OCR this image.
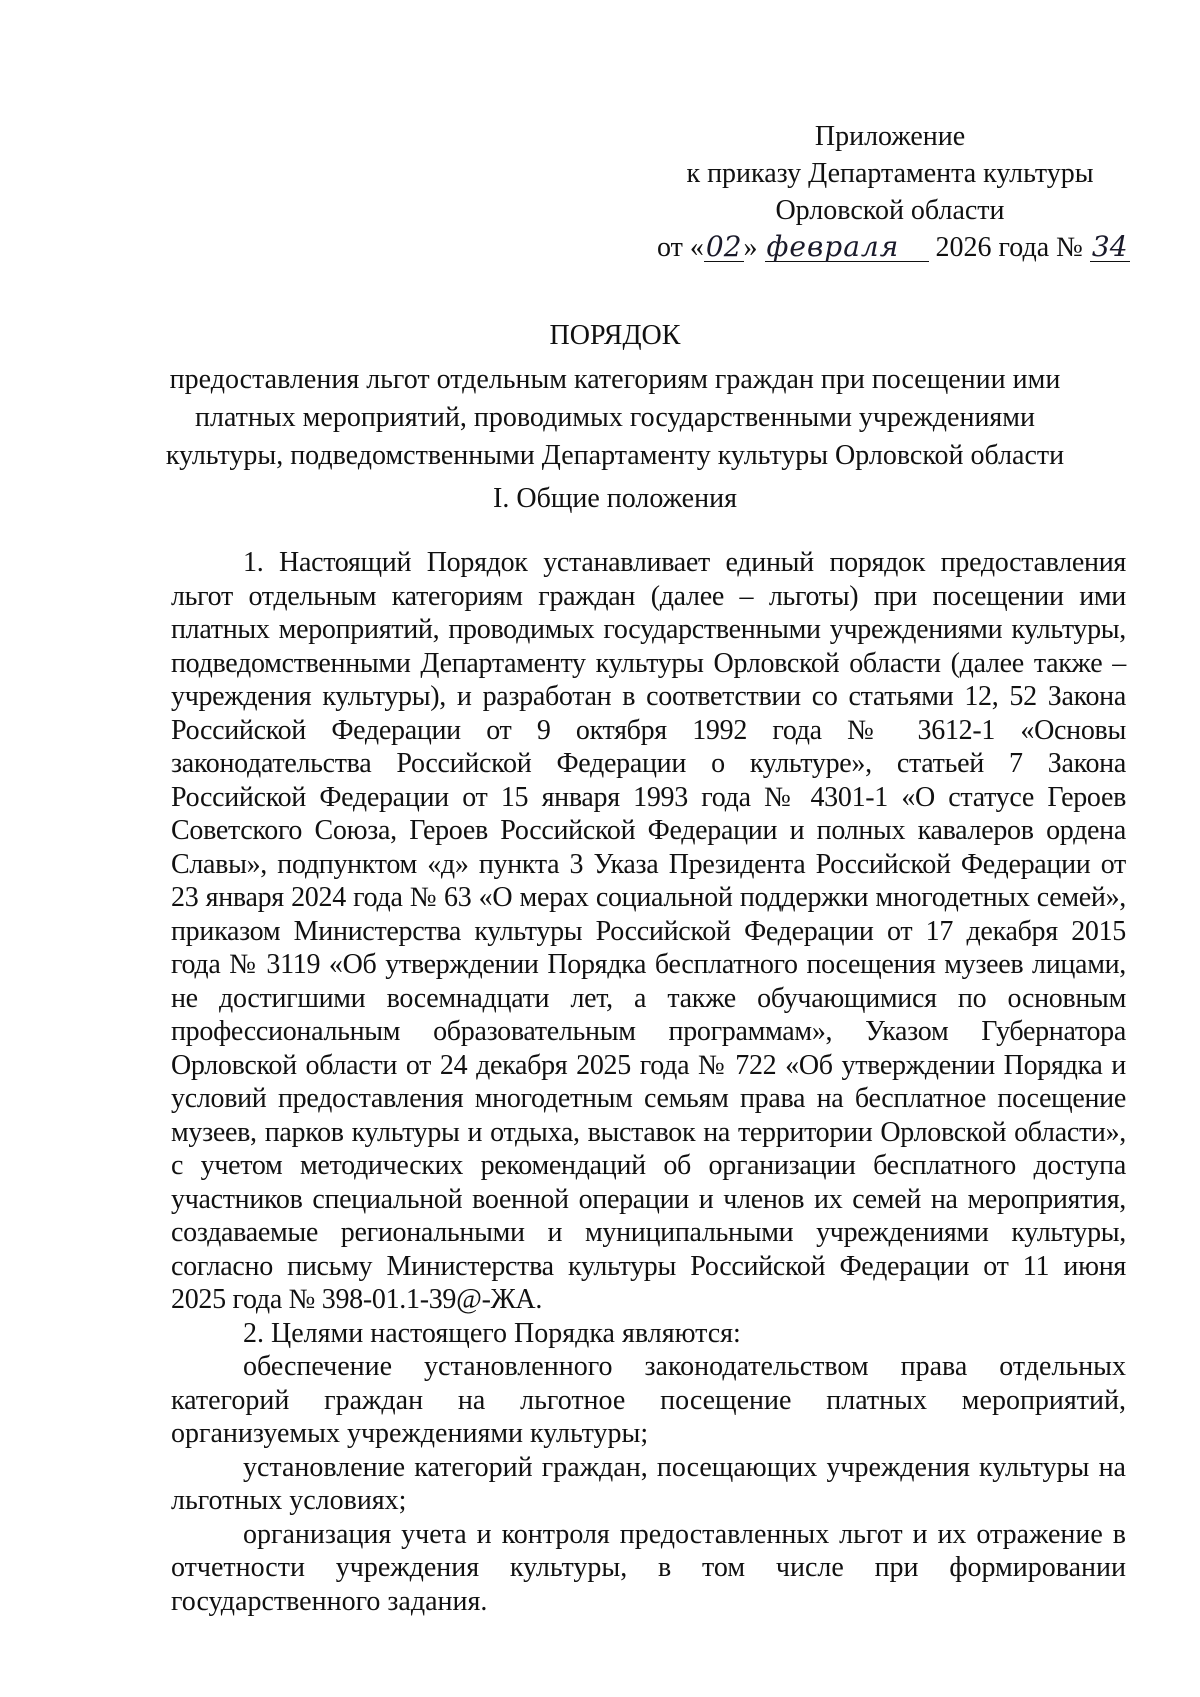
Приложение
к приказу Департамента культуры
Орловской области
от «02» февраля 2026 года № 34
ПОРЯДОК
предоставления льгот отдельным категориям граждан при посещении ими платных мероприятий, проводимых государственными учреждениями культуры, подведомственными Департаменту культуры Орловской области
I. Общие положения

1. Настоящий Порядок устанавливает единый порядок предоставления льгот отдельным категориям граждан (далее – льготы) при посещении ими платных мероприятий, проводимых государственными учреждениями культуры, подведомственными Департаменту культуры Орловской области (далее также – учреждения культуры), и разработан в соответствии со статьями 12, 52 Закона Российской Федерации от 9 октября 1992 года № 3612-1 «Основы законодательства Российской Федерации о культуре», статьей 7 Закона Российской Федерации от 15 января 1993 года № 4301-1 «О статусе Героев Советского Союза, Героев Российской Федерации и полных кавалеров ордена Славы», подпунктом «д» пункта 3 Указа Президента Российской Федерации от 23 января 2024 года № 63 «О мерах социальной поддержки многодетных семей», приказом Министерства культуры Российской Федерации от 17 декабря 2015 года № 3119 «Об утверждении Порядка бесплатного посещения музеев лицами, не достигшими восемнадцати лет, а также обучающимися по основным профессиональным образовательным программам», Указом Губернатора Орловской области от 24 декабря 2025 года № 722 «Об утверждении Порядка и условий предоставления многодетным семьям права на бесплатное посещение музеев, парков культуры и отдыха, выставок на территории Орловской области», с учетом методических рекомендаций об организации бесплатного доступа участников специальной военной операции и членов их семей на мероприятия, создаваемые региональными и муниципальными учреждениями культуры, согласно письму Министерства культуры Российской Федерации от 11 июня 2025 года № 398-01.1-39@-ЖА.

2. Целями настоящего Порядка являются:

обеспечение установленного законодательством права отдельных категорий граждан на льготное посещение платных мероприятий, организуемых учреждениями культуры;

установление категорий граждан, посещающих учреждения культуры на льготных условиях;

организация учета и контроля предоставленных льгот и их отражение в отчетности учреждения культуры, в том числе при формировании государственного задания.
